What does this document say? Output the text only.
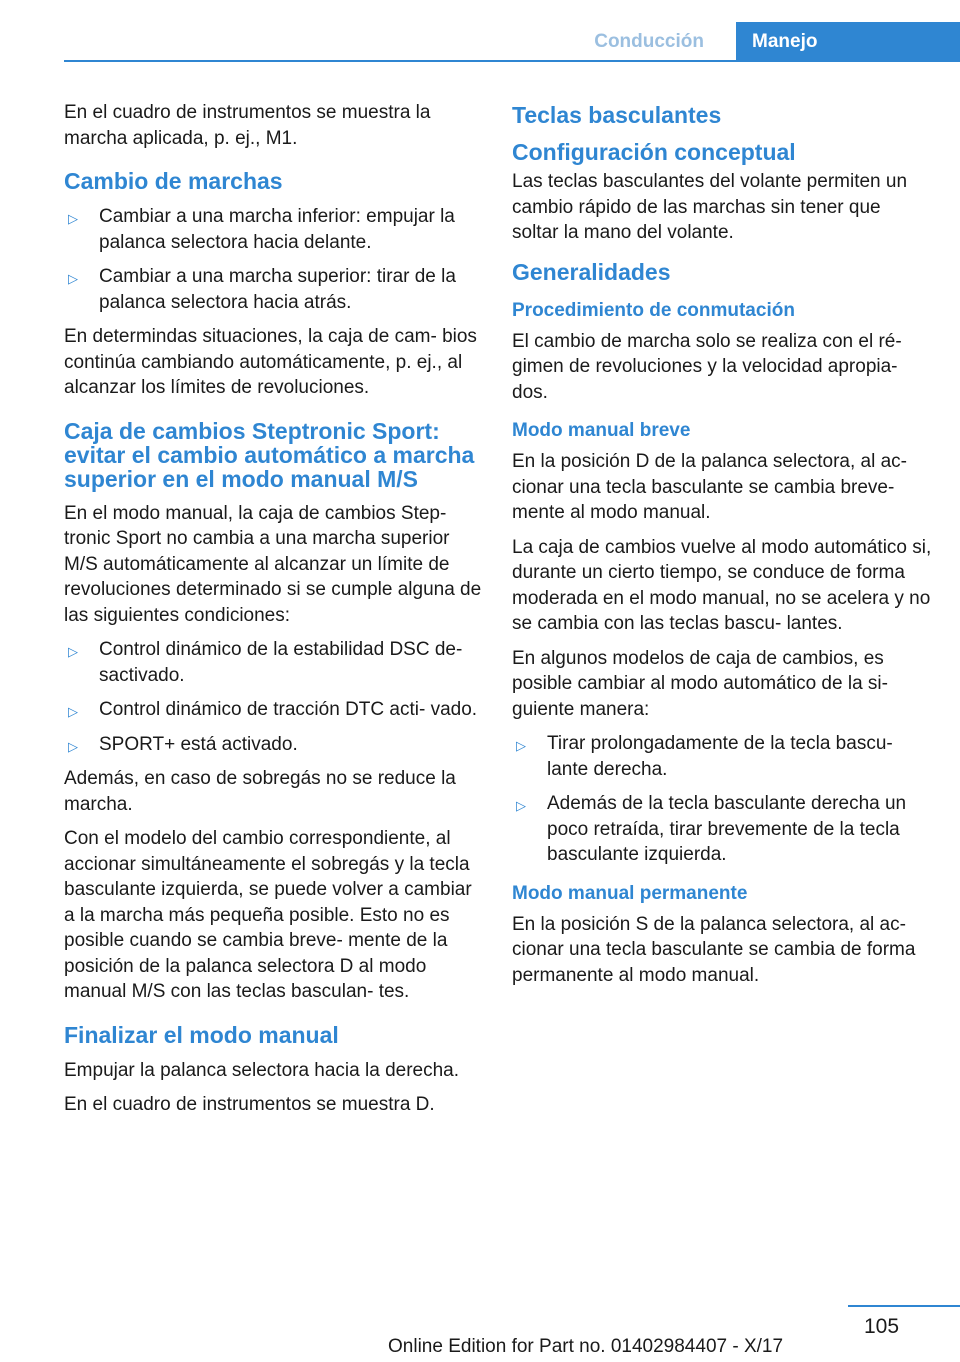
Conducción	Manejo

En el cuadro de instrumentos se muestra la marcha aplicada, p. ej., M1.

Cambio de marchas
▷ Cambiar a una marcha inferior: empujar la palanca selectora hacia delante.
▷ Cambiar a una marcha superior: tirar de la palanca selectora hacia atrás.

En determindas situaciones, la caja de cam‐ bios continúa cambiando automáticamente, p. ej., al alcanzar los límites de revoluciones.

Caja de cambios Steptronic Sport: evitar el cambio automático a marcha superior en el modo manual M/S

En el modo manual, la caja de cambios Step‐ tronic Sport no cambia a una marcha superior M/S automáticamente al alcanzar un límite de revoluciones determinado si se cumple alguna de las siguientes condiciones:

▷ Control dinámico de la estabilidad DSC de‐ sactivado.
▷ Control dinámico de tracción DTC acti‐ vado.
▷ SPORT+ está activado.

Además, en caso de sobregás no se reduce la marcha.

Con el modelo del cambio correspondiente, al accionar simultáneamente el sobregás y la tecla basculante izquierda, se puede volver a cambiar a la marcha más pequeña posible. Esto no es posible cuando se cambia breve‐ mente de la posición de la palanca selectora D al modo manual M/S con las teclas basculan‐ tes.

Finalizar el modo manual

Empujar la palanca selectora hacia la derecha.

En el cuadro de instrumentos se muestra D.

Teclas basculantes
Configuración conceptual

Las teclas basculantes del volante permiten un cambio rápido de las marchas sin tener que soltar la mano del volante.

Generalidades
Procedimiento de conmutación

El cambio de marcha solo se realiza con el ré‐ gimen de revoluciones y la velocidad apropia‐ dos.

Modo manual breve

En la posición D de la palanca selectora, al ac‐ cionar una tecla basculante se cambia breve‐ mente al modo manual.

La caja de cambios vuelve al modo automático si, durante un cierto tiempo, se conduce de forma moderada en el modo manual, no se acelera y no se cambia con las teclas bascu‐ lantes.

En algunos modelos de caja de cambios, es posible cambiar al modo automático de la si‐ guiente manera:

▷ Tirar prolongadamente de la tecla bascu‐ lante derecha.
▷ Además de la tecla basculante derecha un poco retraída, tirar brevemente de la tecla basculante izquierda.
Modo manual permanente

En la posición S de la palanca selectora, al ac‐ cionar una tecla basculante se cambia de forma permanente al modo manual.

105
Online Edition for Part no. 01402984407 - X/17
